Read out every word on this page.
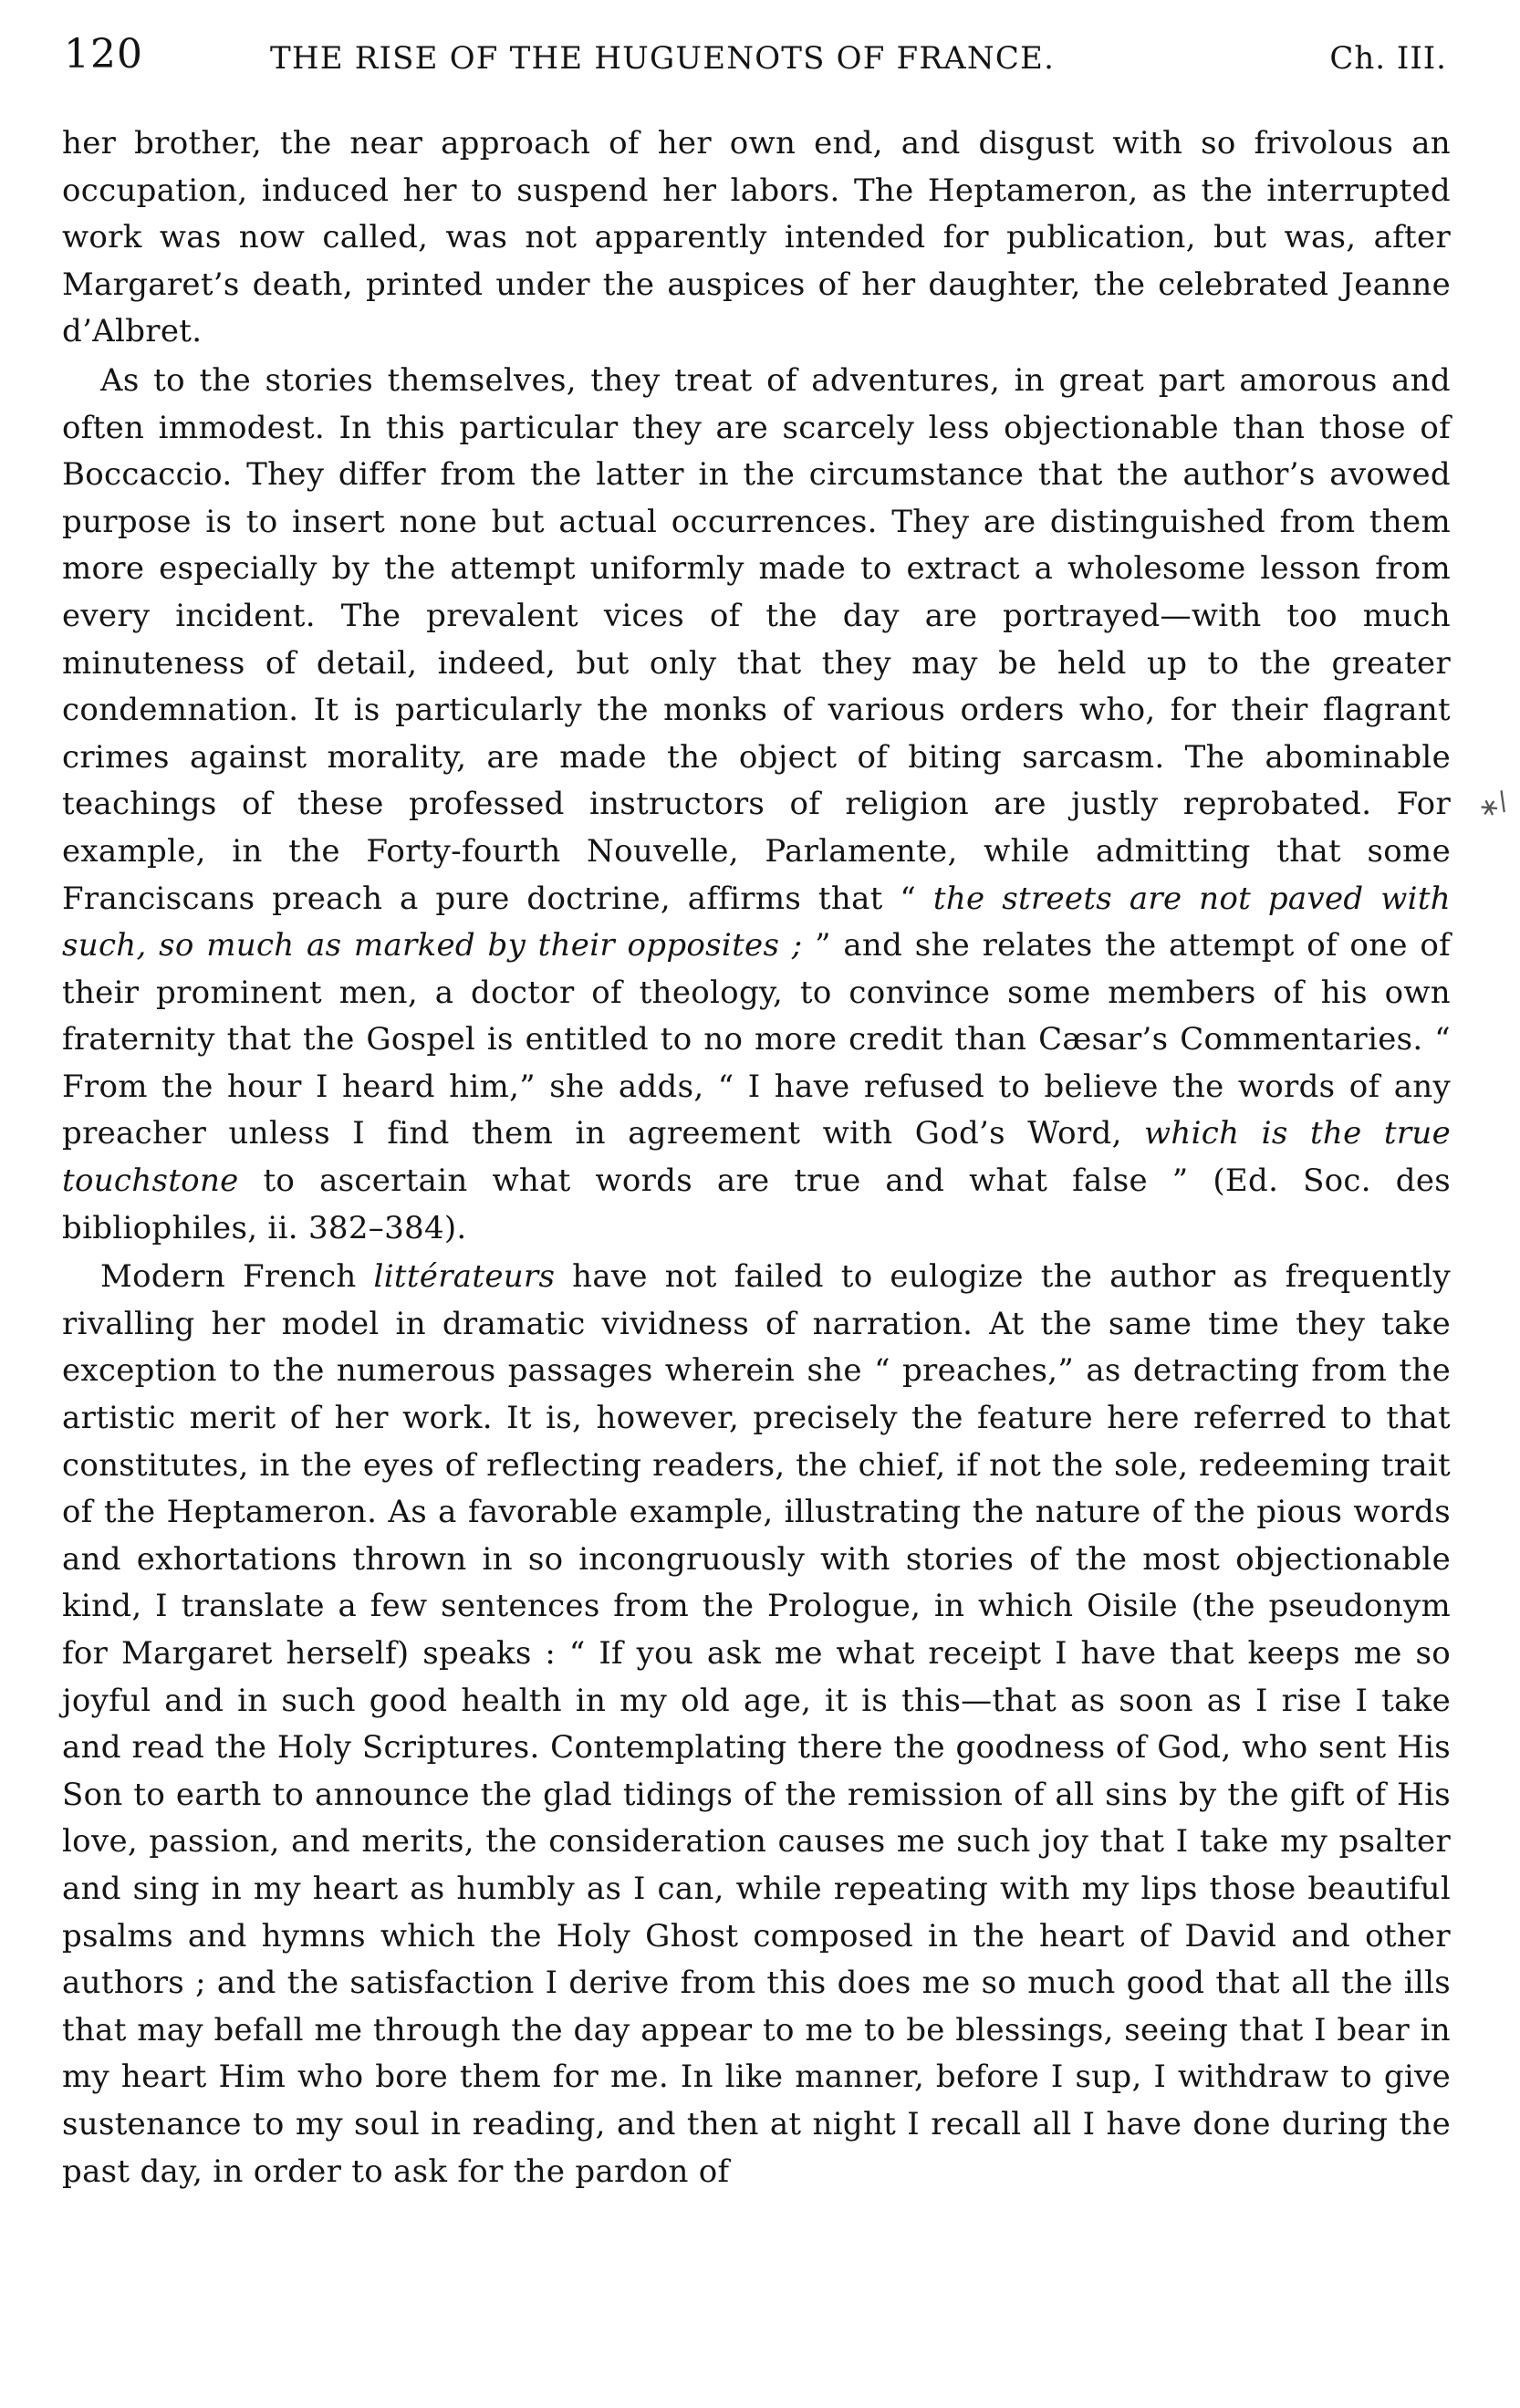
120	THE RISE OF THE HUGUENOTS OF FRANCE.	Ch. III.

her brother, the near approach of her own end, and disgust with so frivolous an occupation, induced her to suspend her labors. The Heptameron, as the interrupted work was now called, was not apparently intended for publication, but was, after Margaret’s death, printed under the auspices of her daughter, the celebrated Jeanne d’Albret.

As to the stories themselves, they treat of adventures, in great part amorous and often immodest. In this particular they are scarcely less objectionable than those of Boccaccio. They differ from the latter in the circumstance that the author’s avowed purpose is to insert none but actual occurrences. They are distinguished from them more especially by the attempt uniformly made to extract a wholesome lesson from every incident. The prevalent vices of the day are portrayed—with too much minuteness of detail, indeed, but only that they may be held up to the greater condemnation. It is particularly the monks of various orders who, for their flagrant crimes against morality, are made the object of biting sarcasm. The abominable teachings of these professed instructors of religion are justly reprobated. For example, in the Forty-fourth Nouvelle, Parlamente, while admitting that some Franciscans preach a pure doctrine, affirms that “ the streets are not paved with such, so much as marked by their opposites ; ” and she relates the attempt of one of their prominent men, a doctor of theology, to convince some members of his own fraternity that the Gospel is entitled to no more credit than Cæsar’s Commentaries. “ From the hour I heard him,” she adds, “ I have refused to believe the words of any preacher unless I find them in agreement with God’s Word, which is the true touchstone to ascertain what words are true and what false ” (Ed. Soc. des bibliophiles, ii. 382–384).

Modern French littérateurs have not failed to eulogize the author as frequently rivalling her model in dramatic vividness of narration. At the same time they take exception to the numerous passages wherein she “ preaches,” as detracting from the artistic merit of her work. It is, however, precisely the feature here referred to that constitutes, in the eyes of reflecting readers, the chief, if not the sole, redeeming trait of the Heptameron. As a favorable example, illustrating the nature of the pious words and exhortations thrown in so incongruously with stories of the most objectionable kind, I translate a few sentences from the Prologue, in which Oisile (the pseudonym for Margaret herself) speaks : “ If you ask me what receipt I have that keeps me so joyful and in such good health in my old age, it is this—that as soon as I rise I take and read the Holy Scriptures. Contemplating there the goodness of God, who sent His Son to earth to announce the glad tidings of the remission of all sins by the gift of His love, passion, and merits, the consideration causes me such joy that I take my psalter and sing in my heart as humbly as I can, while repeating with my lips those beautiful psalms and hymns which the Holy Ghost composed in the heart of David and other authors ; and the satisfaction I derive from this does me so much good that all the ills that may befall me through the day appear to me to be blessings, seeing that I bear in my heart Him who bore them for me. In like manner, before I sup, I withdraw to give sustenance to my soul in reading, and then at night I recall all I have done during the past day, in order to ask for the pardon of

∗/
